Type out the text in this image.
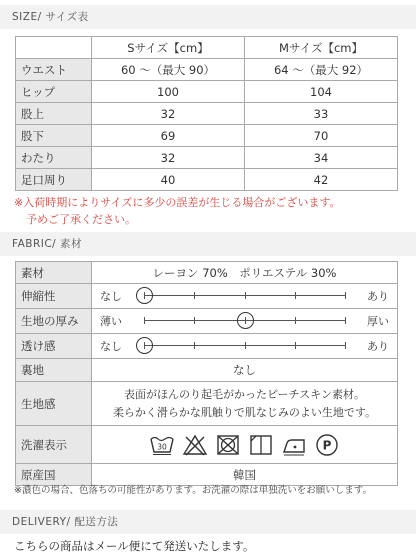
SIZE/ サイズ表
	Sサイズ【cm】	Mサイズ【cm】
ウエスト	60 〜（最大 90）	64 〜（最大 92）
ヒップ	100	104
股上	32	33
股下	69	70
わたり	32	34
足口周り	40	42
※入荷時期によりサイズに多少の誤差が生じる場合がございます。
予めご了承ください。
FABRIC/ 素材
素材	レーヨン 70%　ポリエステル 30%
伸縮性	なし あり

生地の厚み	薄い 厚い

透け感	なし あり

裏地	なし
生地感	表面がほんのり起毛がかったピーチスキン素材。
柔らかく滑らかな肌触りで肌なじみのよい生地です。

洗濯表示	30 P

原産国	韓国
※濃色の場合、色落ちの可能性があります。お洗濯の際は単独洗いをお願いします。
DELIVERY/ 配送方法
こちらの商品はメール便にて発送いたします。
